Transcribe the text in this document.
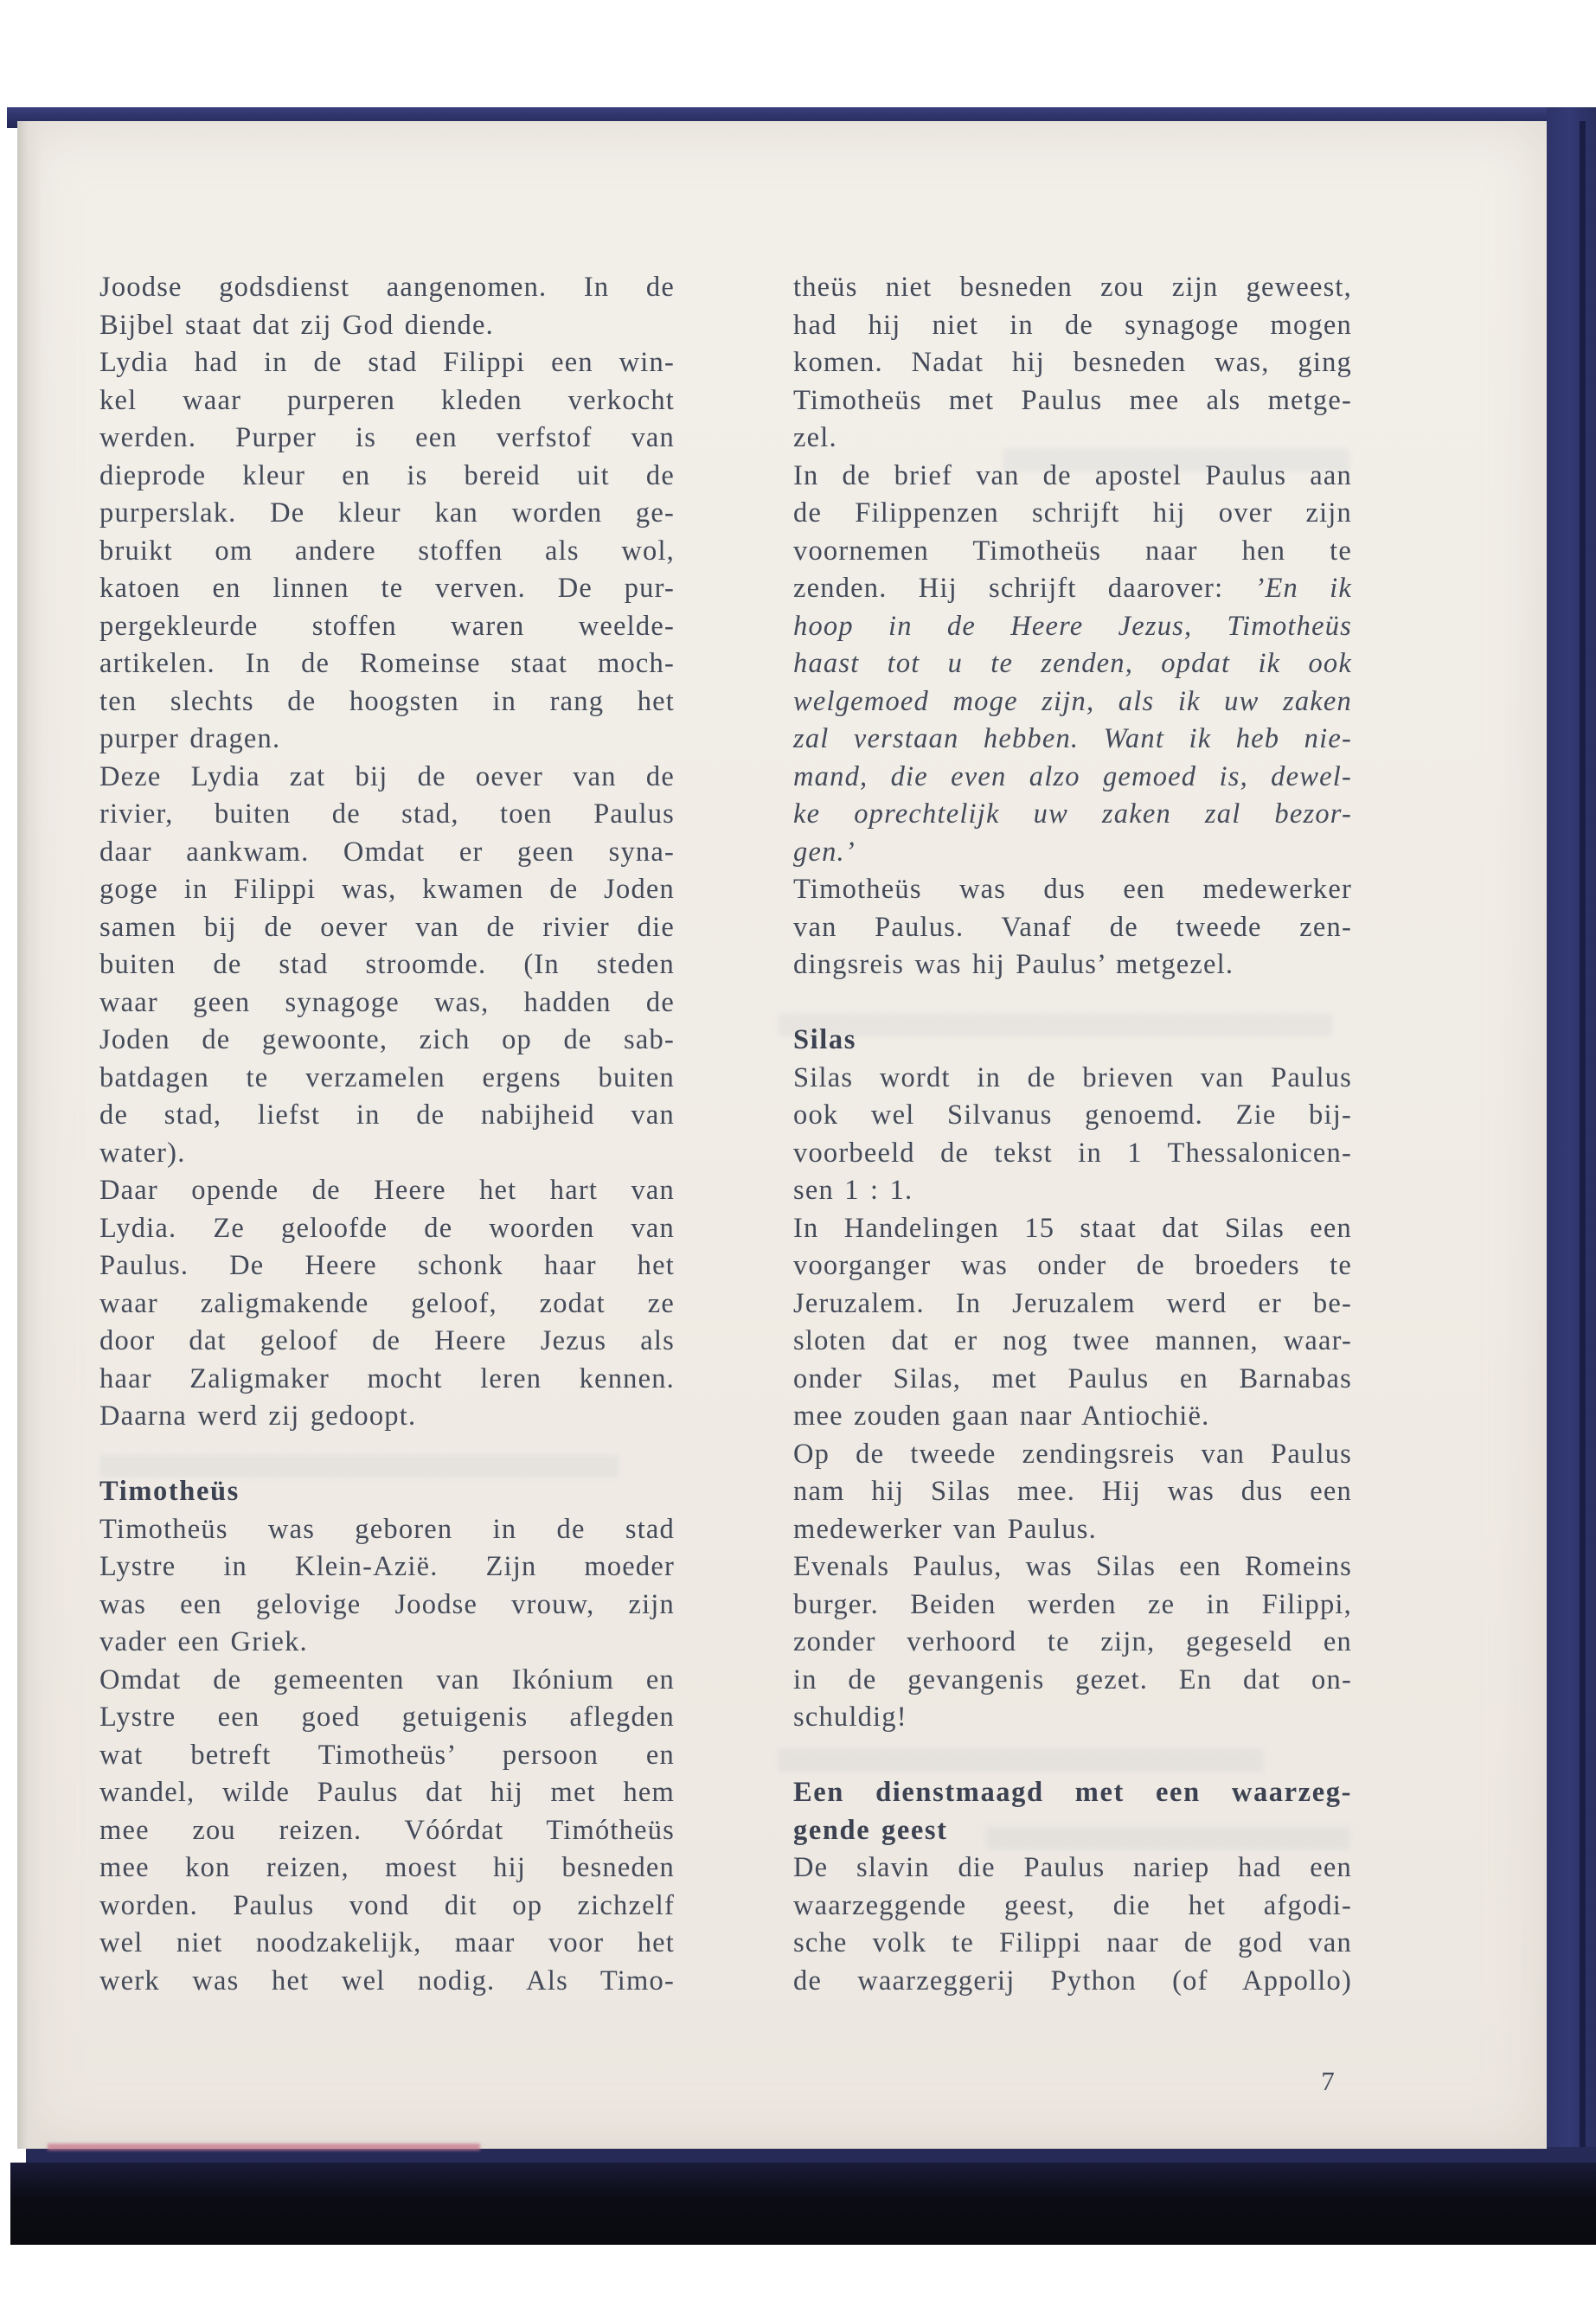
Joodse godsdienst aangenomen. In de
Bijbel staat dat zij God diende.
Lydia had in de stad Filippi een win-
kel waar purperen kleden verkocht
werden. Purper is een verfstof van
dieprode kleur en is bereid uit de
purperslak. De kleur kan worden ge-
bruikt om andere stoffen als wol,
katoen en linnen te verven. De pur-
pergekleurde stoffen waren weelde-
artikelen. In de Romeinse staat moch-
ten slechts de hoogsten in rang het
purper dragen.
Deze Lydia zat bij de oever van de
rivier, buiten de stad, toen Paulus
daar aankwam. Omdat er geen syna-
goge in Filippi was, kwamen de Joden
samen bij de oever van de rivier die
buiten de stad stroomde. (In steden
waar geen synagoge was, hadden de
Joden de gewoonte, zich op de sab-
batdagen te verzamelen ergens buiten
de stad, liefst in de nabijheid van
water).
Daar opende de Heere het hart van
Lydia. Ze geloofde de woorden van
Paulus. De Heere schonk haar het
waar zaligmakende geloof, zodat ze
door dat geloof de Heere Jezus als
haar Zaligmaker mocht leren kennen.
Daarna werd zij gedoopt.
Timotheüs
Timotheüs was geboren in de stad
Lystre in Klein-Azië. Zijn moeder
was een gelovige Joodse vrouw, zijn
vader een Griek.
Omdat de gemeenten van Ikónium en
Lystre een goed getuigenis aflegden
wat betreft Timotheüs’ persoon en
wandel, wilde Paulus dat hij met hem
mee zou reizen. Vóórdat Timótheüs
mee kon reizen, moest hij besneden
worden. Paulus vond dit op zichzelf
wel niet noodzakelijk, maar voor het
werk was het wel nodig. Als Timo-
theüs niet besneden zou zijn geweest,
had hij niet in de synagoge mogen
komen. Nadat hij besneden was, ging
Timotheüs met Paulus mee als metge-
zel.
In de brief van de apostel Paulus aan
de Filippenzen schrijft hij over zijn
voornemen Timotheüs naar hen te
zenden. Hij schrijft daarover: ’En ik
hoop in de Heere Jezus, Timotheüs
haast tot u te zenden, opdat ik ook
welgemoed moge zijn, als ik uw zaken
zal verstaan hebben. Want ik heb nie-
mand, die even alzo gemoed is, dewel-
ke oprechtelijk uw zaken zal bezor-
gen.’
Timotheüs was dus een medewerker
van Paulus. Vanaf de tweede zen-
dingsreis was hij Paulus’ metgezel.
Silas
Silas wordt in de brieven van Paulus
ook wel Silvanus genoemd. Zie bij-
voorbeeld de tekst in 1 Thessalonicen-
sen 1 : 1.
In Handelingen 15 staat dat Silas een
voorganger was onder de broeders te
Jeruzalem. In Jeruzalem werd er be-
sloten dat er nog twee mannen, waar-
onder Silas, met Paulus en Barnabas
mee zouden gaan naar Antiochië.
Op de tweede zendingsreis van Paulus
nam hij Silas mee. Hij was dus een
medewerker van Paulus.
Evenals Paulus, was Silas een Romeins
burger. Beiden werden ze in Filippi,
zonder verhoord te zijn, gegeseld en
in de gevangenis gezet. En dat on-
schuldig!
Een dienstmaagd met een waarzeg-
gende geest
De slavin die Paulus nariep had een
waarzeggende geest, die het afgodi-
sche volk te Filippi naar de god van
de waarzeggerij Python (of Appollo)
7
